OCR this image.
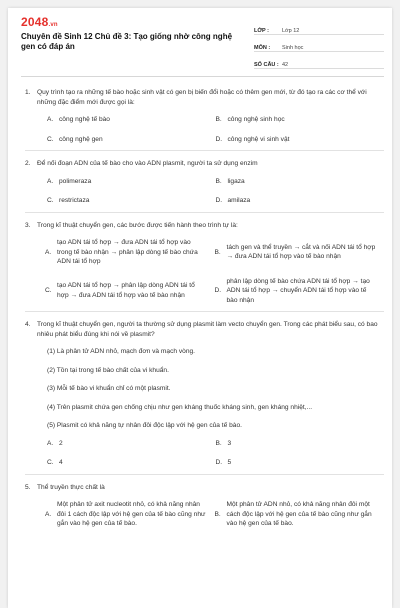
2048.vn
Chuyên đề Sinh 12 Chủ đề 3: Tạo giống nhờ công nghệ gen có đáp án
LỚP :	Lớp 12
MÔN :	Sinh học
SỐ CÂU : 42
1. Quy trình tạo ra những tế bào hoặc sinh vật có gen bị biến đổi hoặc có thêm gen mới, từ đó tạo ra các cơ thể với những đặc điểm mới được gọi là:
A. công nghệ tế bào	B. công nghệ sinh học
C. công nghệ gen	D. công nghệ vi sinh vật
2. Để nối đoạn ADN của tế bào cho vào ADN plasmit, người ta sử dụng enzim
A. polimeraza	B. ligaza
C. restrictaza	D. amilaza
3. Trong kĩ thuật chuyển gen, các bước được tiến hành theo trình tự là:
A.
tạo ADN tái tổ hợp → đưa ADN tái tổ hợp vào trong tế bào nhận → phân lập dòng tế bào chứa ADN tái tổ hợp
B.
tách gen và thể truyền → cắt và nối ADN tái tổ hợp → đưa ADN tái tổ hợp vào tế bào nhận
C.
tạo ADN tái tổ hợp → phân lập dòng ADN tái tổ hợp → đưa ADN tái tổ hợp vào tế bào nhận
D.
phân lập dòng tế bào chứa ADN tái tổ hợp → tạo ADN tái tổ hợp → chuyển ADN tái tổ hợp vào tế bào nhận
4. Trong kĩ thuật chuyển gen, người ta thường sử dụng plasmit làm vecto chuyển gen. Trong các phát biểu sau, có bao nhiêu phát biểu đúng khi nói về plasmit?
(1) Là phân tử ADN nhỏ, mạch đơn và mạch vòng.
(2) Tồn tại trong tế bào chất của vi khuẩn.
(3) Mỗi tế bào vi khuẩn chỉ có một plasmit.
(4) Trên plasmit chứa gen chống chịu như gen kháng thuốc kháng sinh, gen kháng nhiệt,...
(5) Plasmit có khả năng tự nhân đôi độc lập với hệ gen của tế bào.
A. 2	B. 3
C. 4	D. 5
5. Thể truyền thực chất là
A.
Một phân tử axit nucleotit nhỏ, có khả năng nhân đôi 1 cách độc lập với hệ gen của tế bào cũng như gắn vào hệ gen của tế bào.
B.
Một phân tử ADN nhỏ, có khả năng nhân đôi một cách độc lập với hệ gen của tế bào cũng như gắn vào hệ gen của tế bào.
